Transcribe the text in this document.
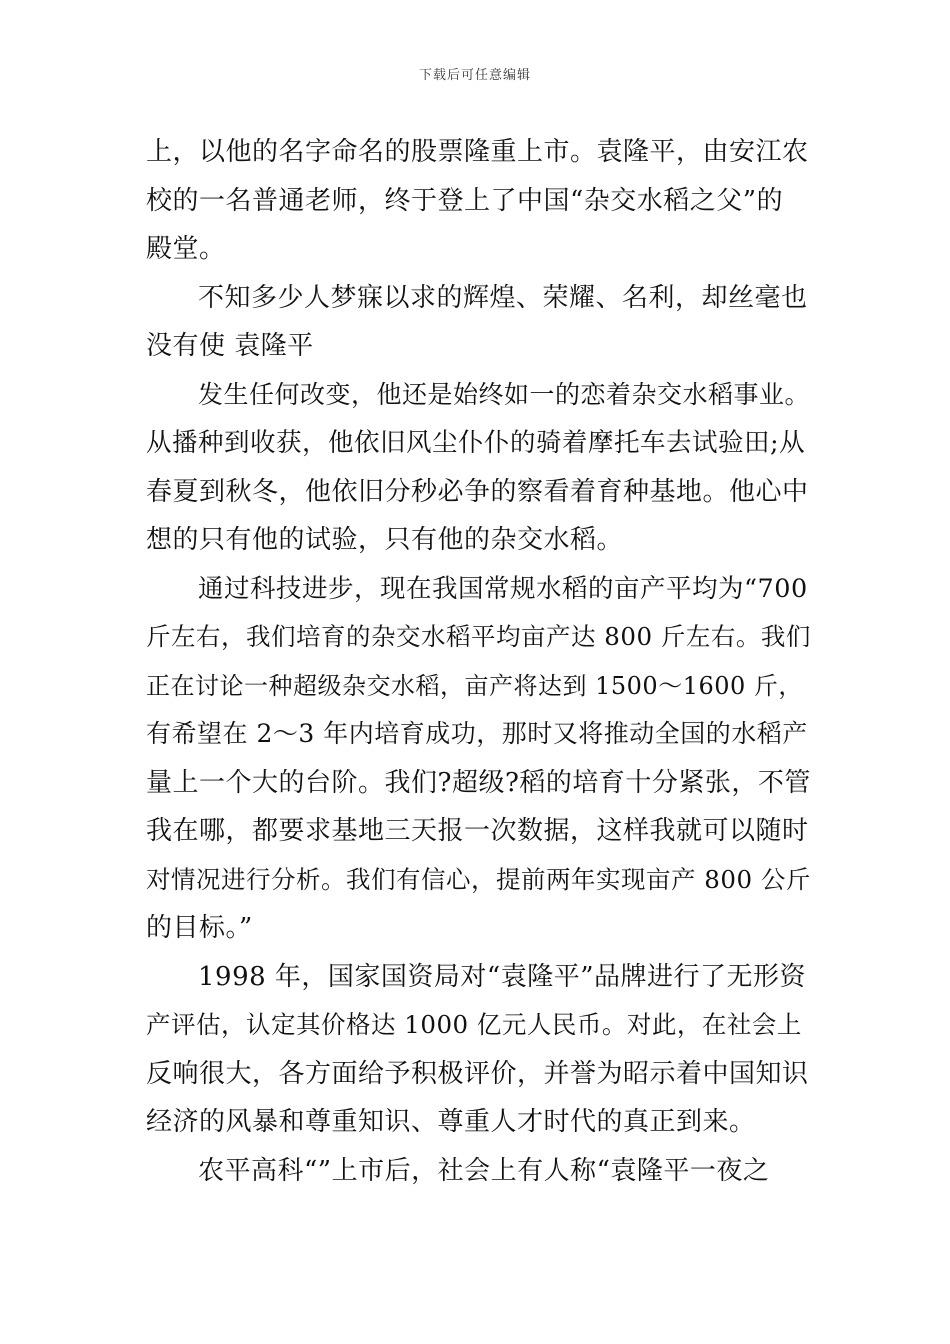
下载后可任意编辑
上，以他的名字命名的股票隆重上市。袁隆平，由安江农
校的一名普通老师，终于登上了中国“杂交水稻之父”的
殿堂。
不知多少人梦寐以求的辉煌、荣耀、名利，却丝毫也
没有使 袁隆平
发生任何改变，他还是始终如一的恋着杂交水稻事业。
从播种到收获，他依旧风尘仆仆的骑着摩托车去试验田;从
春夏到秋冬，他依旧分秒必争的察看着育种基地。他心中
想的只有他的试验，只有他的杂交水稻。
通过科技进步，现在我国常规水稻的亩产平均为“700
斤左右，我们培育的杂交水稻平均亩产达 800 斤左右。我们
正在讨论一种超级杂交水稻，亩产将达到 1500～1600 斤，
有希望在 2～3 年内培育成功，那时又将推动全国的水稻产
量上一个大的台阶。我们?超级?稻的培育十分紧张，不管
我在哪，都要求基地三天报一次数据，这样我就可以随时
对情况进行分析。我们有信心，提前两年实现亩产 800 公斤
的目标。”
1998 年，国家国资局对“袁隆平”品牌进行了无形资
产评估，认定其价格达 1000 亿元人民币。对此，在社会上
反响很大，各方面给予积极评价，并誉为昭示着中国知识
经济的风暴和尊重知识、尊重人才时代的真正到来。
农平高科“”上市后，社会上有人称“袁隆平一夜之
